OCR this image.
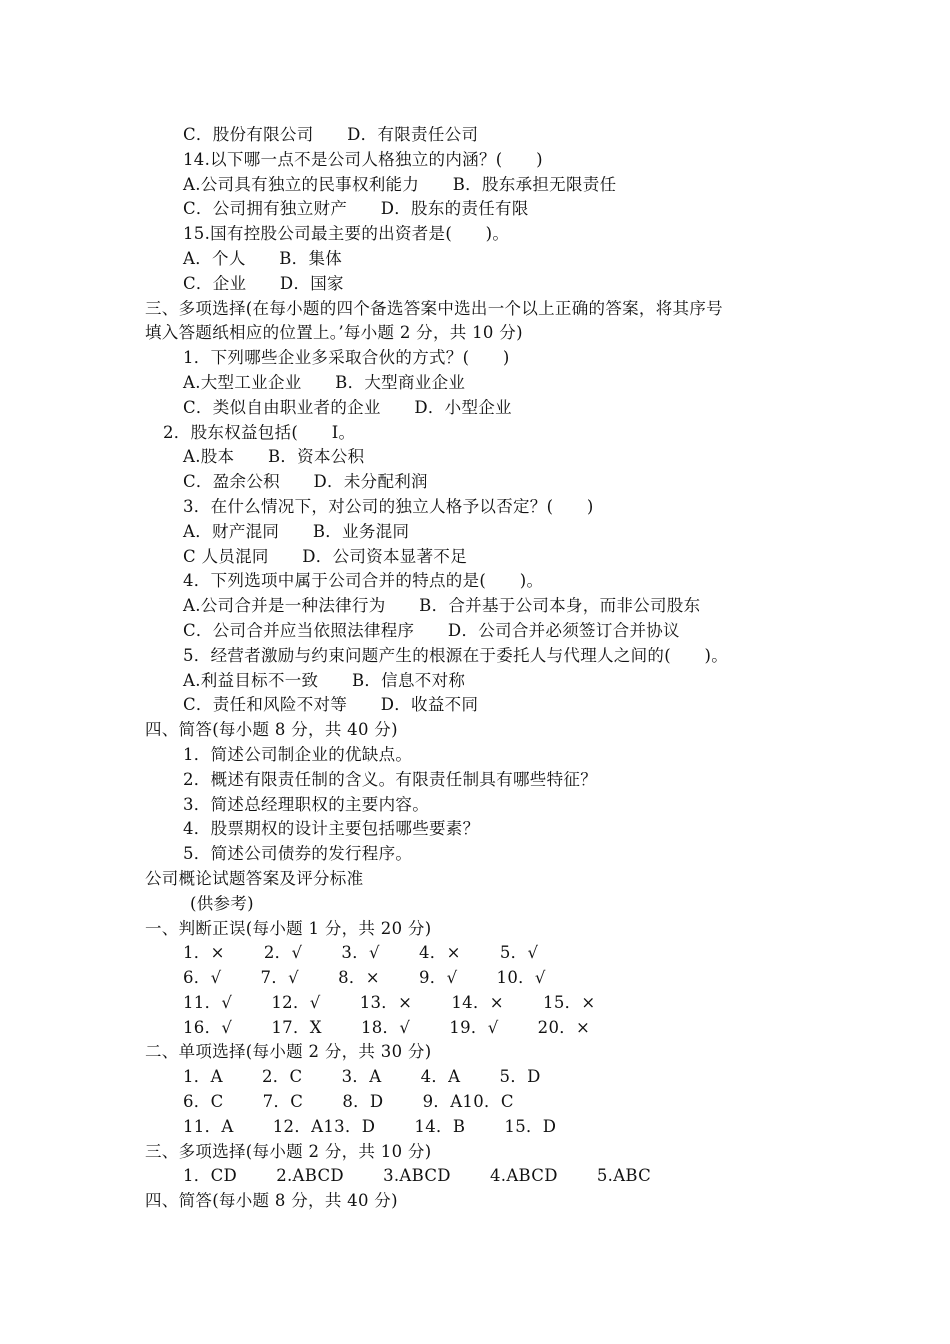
C．股份有限公司　　D．有限责任公司
14.以下哪一点不是公司人格独立的内涵？(　　)
A.公司具有独立的民事权利能力　　B．股东承担无限责任
C．公司拥有独立财产　　D．股东的责任有限
15.国有控股公司最主要的出资者是(　　)。
A．个人　　B．集体
C．企业　　D．国家
三、多项选择(在每小题的四个备选答案中选出一个以上正确的答案，将其序号
填入答题纸相应的位置上。’每小题 2 分，共 10 分)
1．下列哪些企业多采取合伙的方式？(　　)
A.大型工业企业　　B．大型商业企业
C．类似自由职业者的企业　　D．小型企业
2．股东权益包括(　　I。
A.股本　　B．资本公积
C．盈余公积　　D．未分配利润
3．在什么情况下，对公司的独立人格予以否定？(　　)
A．财产混同　　B．业务混同
C 人员混同　　D．公司资本显著不足
4．下列选项中属于公司合并的特点的是(　　)。
A.公司合并是一种法律行为　　B．合并基于公司本身，而非公司股东
C．公司合并应当依照法律程序　　D．公司合并必须签订合并协议
5．经营者激励与约束问题产生的根源在于委托人与代理人之间的(　　)。
A.利益目标不一致　　B．信息不对称
C．责任和风险不对等　　D．收益不同
四、简答(每小题 8 分，共 40 分)
1．简述公司制企业的优缺点。
2．概述有限责任制的含义。有限责任制具有哪些特征？
3．简述总经理职权的主要内容。
4．股票期权的设计主要包括哪些要素？
5．简述公司债券的发行程序。
公司概论试题答案及评分标准
(供参考)
一、判断正误(每小题 1 分，共 20 分)
1．×　　 2．√　　 3．√　　 4．×　　 5．√
6．√　　 7．√　　 8．×　　 9．√　　 10．√
11．√　　 12．√　　 13．×　　 14．×　　 15．×
16．√　　 17．X　　 18．√　　 19．√　　 20．×
二、单项选择(每小题 2 分，共 30 分)
1．A　　 2．C　　 3．A　　 4．A　　 5．D
6．C　　 7．C　　 8．D　　 9．A10．C
11．A　　 12．A13．D　　 14．B　　 15．D
三、多项选择(每小题 2 分，共 10 分)
1．CD　　 2.ABCD　　 3.ABCD　　 4.ABCD　　 5.ABC
四、简答(每小题 8 分，共 40 分)
